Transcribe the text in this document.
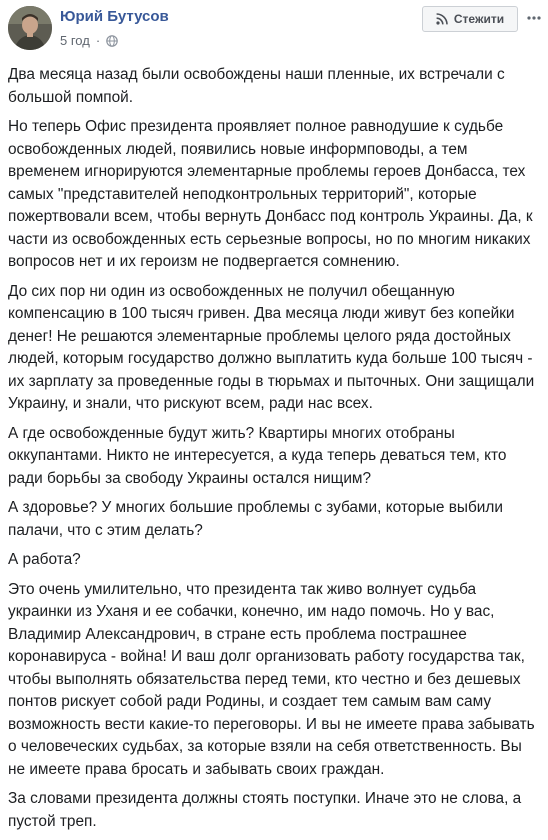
Юрий Бутусов
5 год ·
Стежити

Два месяца назад были освобождены наши пленные, их встречали с большой помпой.

Но теперь Офис президента проявляет полное равнодушие к судьбе освобожденных людей, появились новые информповоды, а тем временем игнорируются элементарные проблемы героев Донбасса, тех самых "представителей неподконтрольных территорий", которые пожертвовали всем, чтобы вернуть Донбасс под контроль Украины. Да, к части из освобожденных есть серьезные вопросы, но по многим никаких вопросов нет и их героизм не подвергается сомнению.

До сих пор ни один из освобожденных не получил обещанную компенсацию в 100 тысяч гривен. Два месяца люди живут без копейки денег! Не решаются элементарные проблемы целого ряда достойных людей, которым государство должно выплатить куда больше 100 тысяч - их зарплату за проведенные годы в тюрьмах и пыточных. Они защищали Украину, и знали, что рискуют всем, ради нас всех.

А где освобожденные будут жить? Квартиры многих отобраны оккупантами. Никто не интересуется, а куда теперь деваться тем, кто ради борьбы за свободу Украины остался нищим?

А здоровье? У многих большие проблемы с зубами, которые выбили палачи, что с этим делать?

А работа?

Это очень умилительно, что президента так живо волнует судьба украинки из Уханя и ее собачки, конечно, им надо помочь. Но у вас, Владимир Александрович, в стране есть проблема пострашнее коронавируса - война! И ваш долг организовать работу государства так, чтобы выполнять обязательства перед теми, кто честно и без дешевых понтов рискует собой ради Родины, и создает тем самым вам саму возможность вести какие-то переговоры. И вы не имеете права забывать о человеческих судьбах, за которые взяли на себя ответственность. Вы не имеете права бросать и забывать своих граждан.

За словами президента должны стоять поступки. Иначе это не слова, а пустой треп.
